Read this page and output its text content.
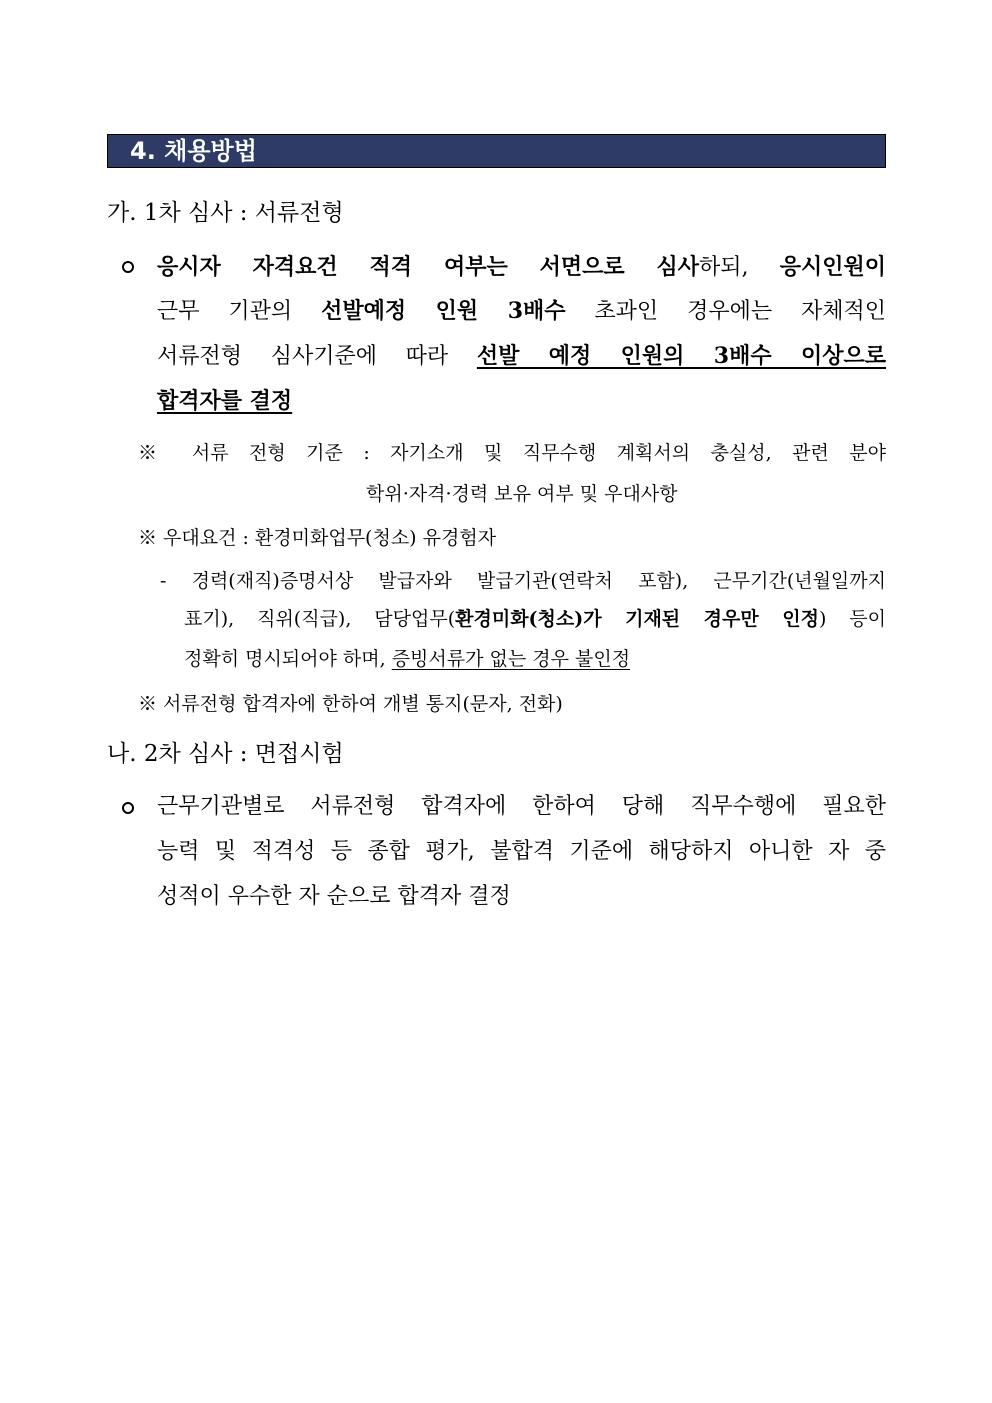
4. 채용방법
가. 1차 심사 : 서류전형
응시자 자격요건 적격 여부는 서면으로 심사하되, 응시인원이
근무 기관의 선발예정 인원 3배수 초과인 경우에는 자체적인
서류전형 심사기준에 따라 선발 예정 인원의 3배수 이상으로
합격자를 결정
※ 서류 전형 기준 : 자기소개 및 직무수행 계획서의 충실성, 관련 분야
학위·자격·경력 보유 여부 및 우대사항
※ 우대요건 : 환경미화업무(청소) 유경험자
- 경력(재직)증명서상 발급자와 발급기관(연락처 포함), 근무기간(년월일까지
표기), 직위(직급), 담당업무(환경미화(청소)가 기재된 경우만 인정) 등이
정확히 명시되어야 하며, 증빙서류가 없는 경우 불인정
※ 서류전형 합격자에 한하여 개별 통지(문자, 전화)
나. 2차 심사 : 면접시험
근무기관별로 서류전형 합격자에 한하여 당해 직무수행에 필요한
능력 및 적격성 등 종합 평가, 불합격 기준에 해당하지 아니한 자 중
성적이 우수한 자 순으로 합격자 결정
